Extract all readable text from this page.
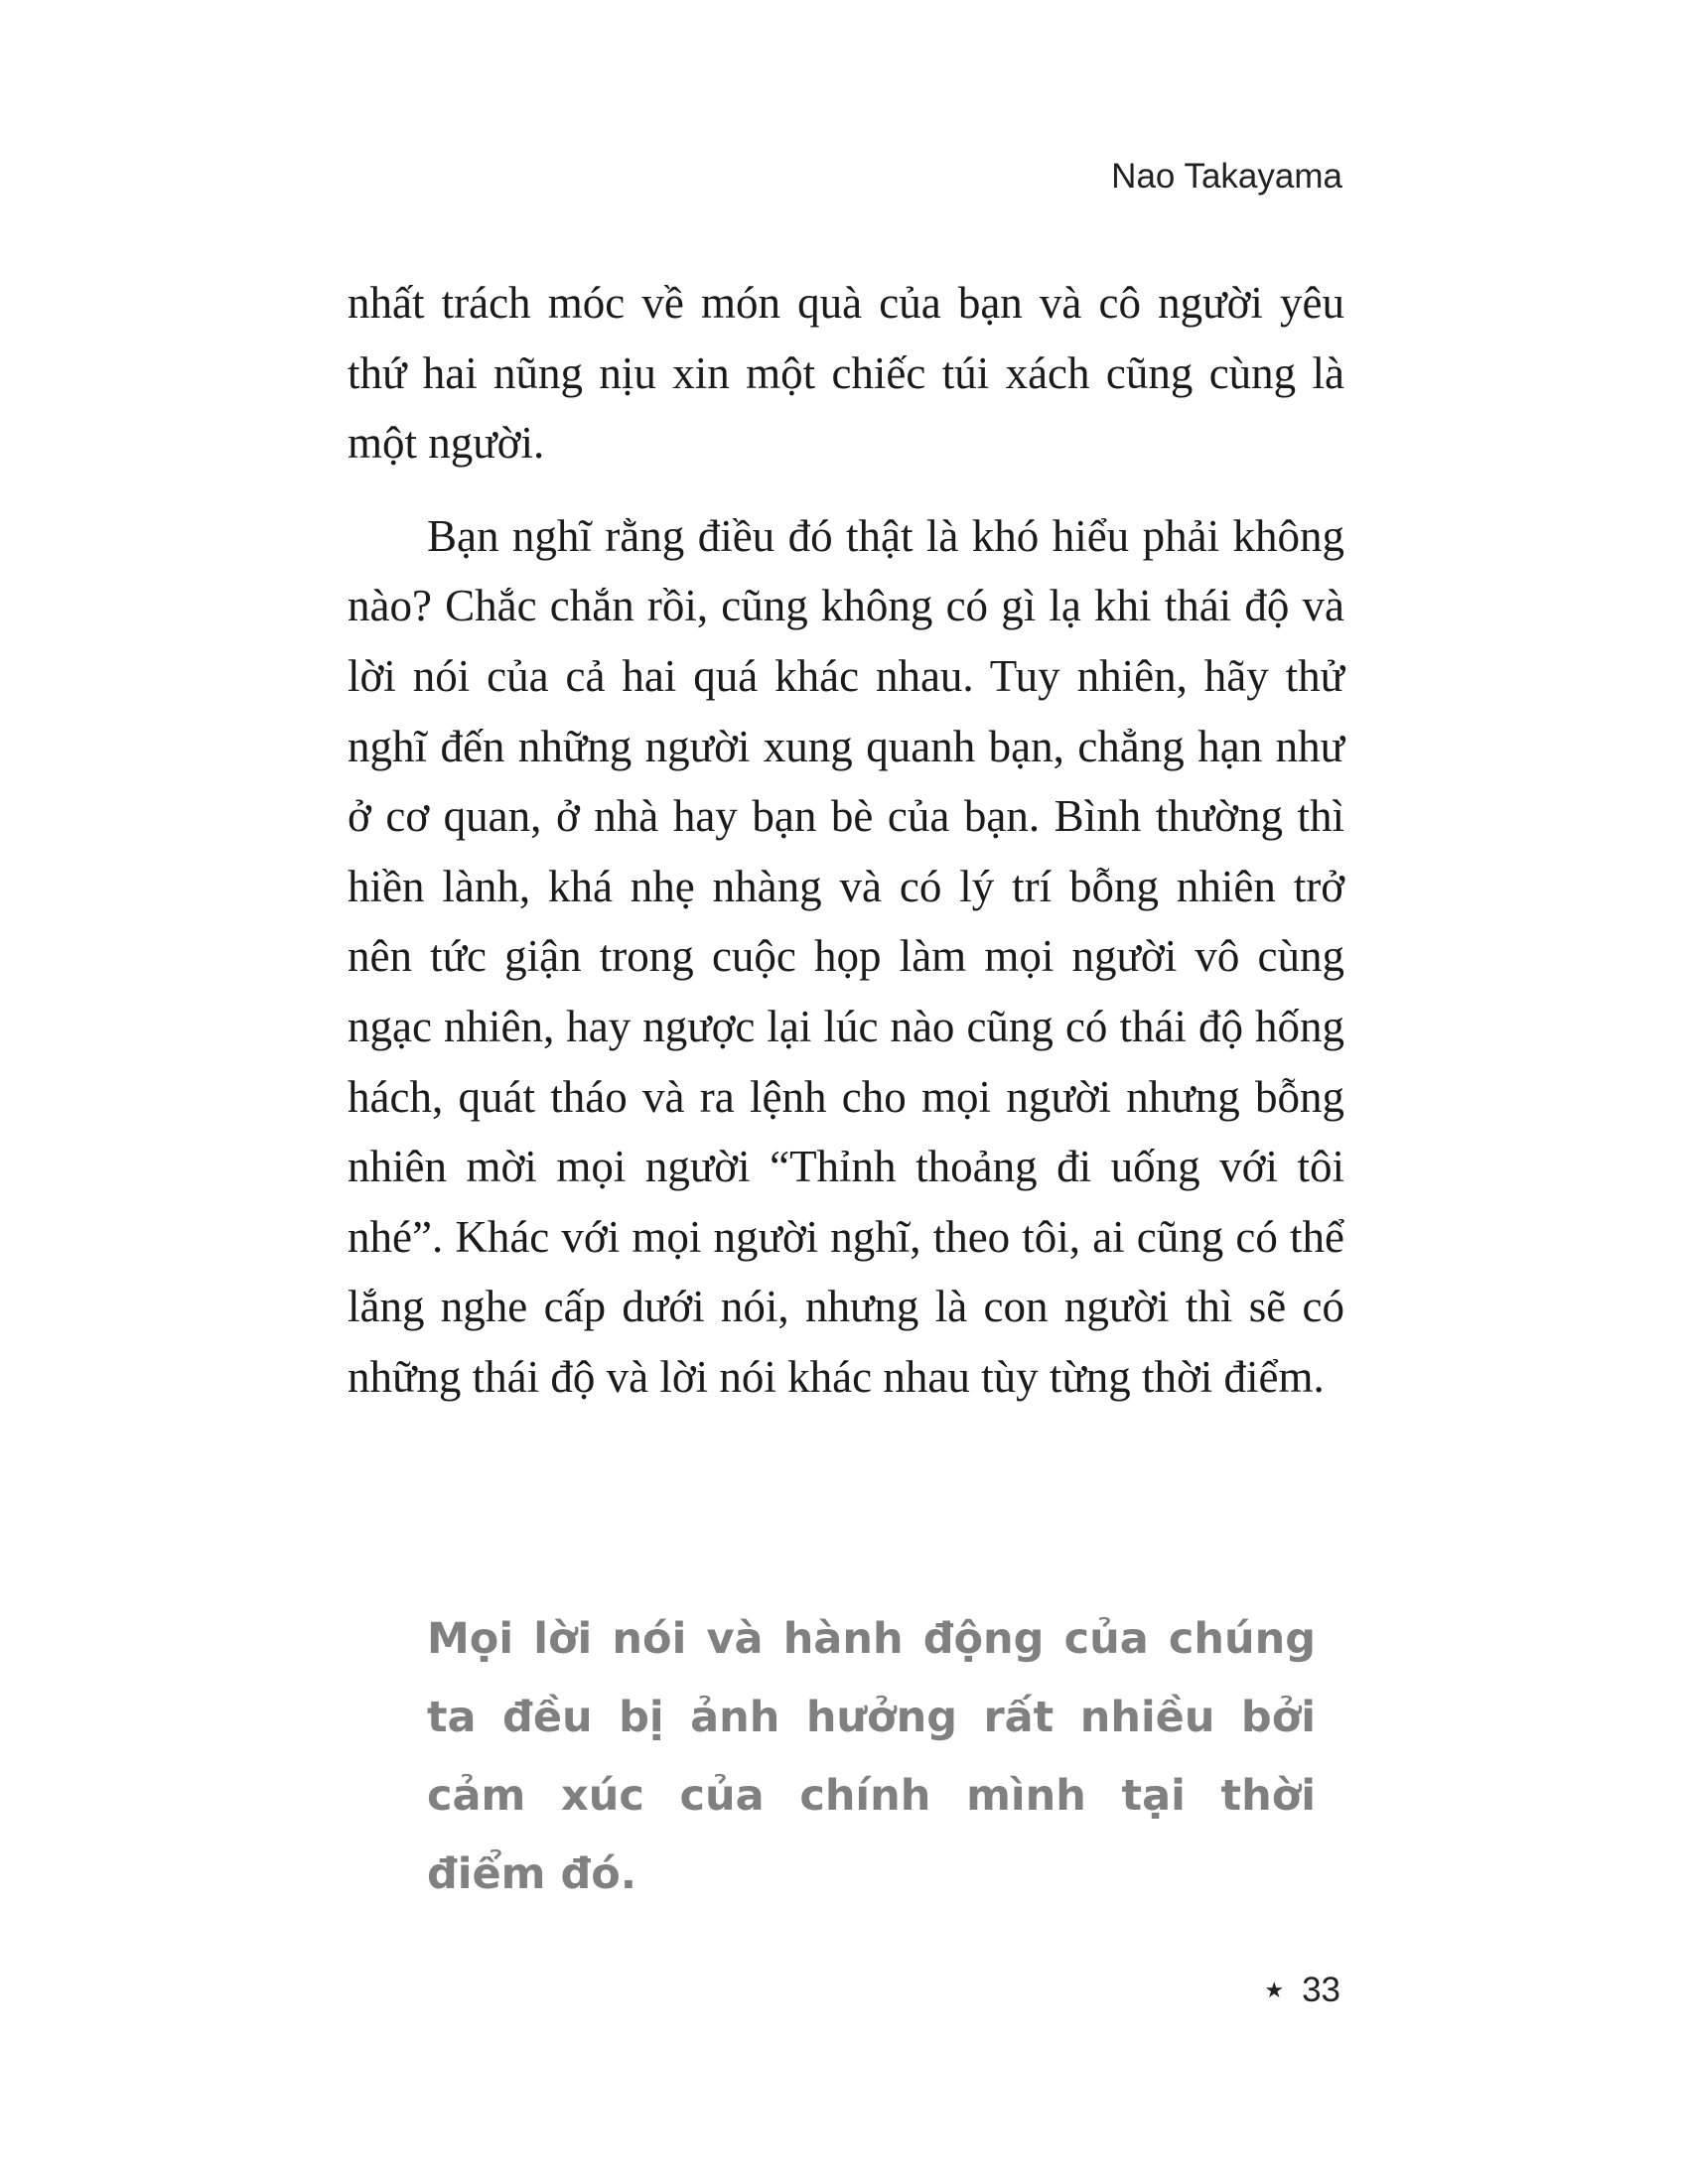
Nao Takayama

nhất trách móc về món quà của bạn và cô người yêu thứ hai nũng nịu xin một chiếc túi xách cũng cùng là một người.

Bạn nghĩ rằng điều đó thật là khó hiểu phải không nào? Chắc chắn rồi, cũng không có gì lạ khi thái độ và lời nói của cả hai quá khác nhau. Tuy nhiên, hãy thử nghĩ đến những người xung quanh bạn, chẳng hạn như ở cơ quan, ở nhà hay bạn bè của bạn. Bình thường thì hiền lành, khá nhẹ nhàng và có lý trí bỗng nhiên trở nên tức giận trong cuộc họp làm mọi người vô cùng ngạc nhiên, hay ngược lại lúc nào cũng có thái độ hống hách, quát tháo và ra lệnh cho mọi người nhưng bỗng nhiên mời mọi người “Thỉnh thoảng đi uống với tôi nhé”. Khác với mọi người nghĩ, theo tôi, ai cũng có thể lắng nghe cấp dưới nói, nhưng là con người thì sẽ có những thái độ và lời nói khác nhau tùy từng thời điểm.

Mọi lời nói và hành động của chúng ta đều bị ảnh hưởng rất nhiều bởi cảm xúc của chính mình tại thời điểm đó.

★ 33
